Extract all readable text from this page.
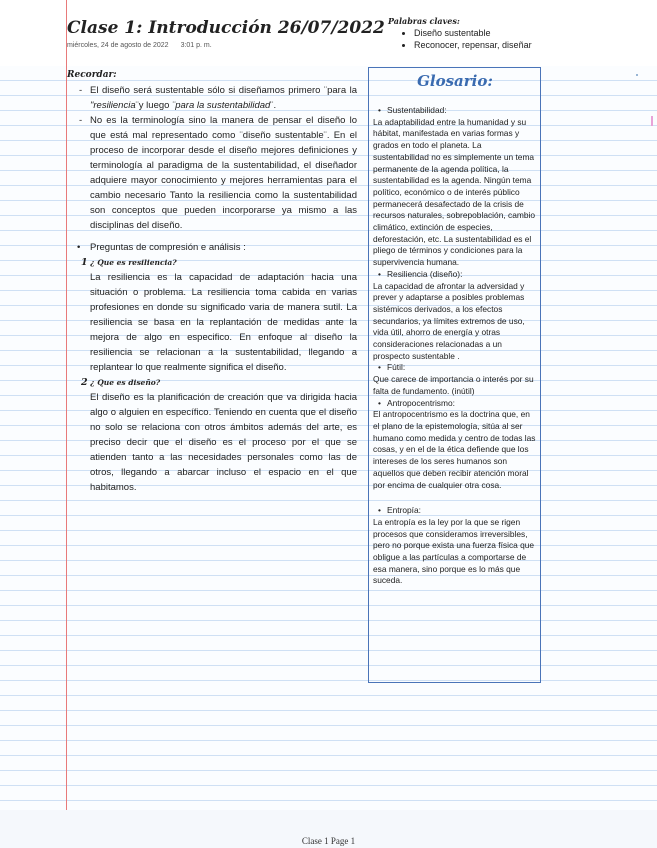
Clase 1: Introducción 26/07/2022
miércoles, 24 de agosto de 2022 3:01 p. m.
Palabras claves:
• Diseño sustentable
• Reconocer, repensar, diseñar
Recordar:
- El diseño será sustentable sólo si diseñamos primero ¨para la "resiliencia¨y luego ¨para la sustentabilidad¨.
- No es la terminología sino la manera de pensar el diseño lo que está mal representado como ¨diseño sustentable¨. En el proceso de incorporar desde el diseño mejores definiciones y terminología al paradigma de la sustentabilidad, el diseñador adquiere mayor conocimiento y mejores herramientas para el cambio necesario Tanto la resiliencia como la sustentabilidad son conceptos que pueden incorporarse ya mismo a las disciplinas del diseño.
• Preguntas de compresión e análisis :
1 ¿ Que es resiliencia?
La resiliencia es la capacidad de adaptación hacia una situación o problema. La resiliencia toma cabida en varias profesiones en donde su significado varia de manera sutil. La resiliencia se basa en la replantación de medidas ante la mejora de algo en especifico. En enfoque al diseño la resiliencia se relacionan a la sustentabilidad, llegando a replantear lo que realmente significa el diseño.
2 ¿ Que es diseño?
El diseño es la planificación de creación que va dirigida hacia algo o alguien en específico. Teniendo en cuenta que el diseño no solo se relaciona con otros ámbitos además del arte, es preciso decir que el diseño es el proceso por el que se atienden tanto a las necesidades personales como las de otros, llegando a abarcar incluso el espacio en el que habitamos.
Glosario:
• Sustentabilidad:

La adaptabilidad entre la humanidad y su hábitat, manifestada en varias formas y grados en todo el planeta. La sustentabilidad no es simplemente un tema permanente de la agenda política, la sustentabilidad es la agenda. Ningún tema político, económico o de interés público permanecerá desafectado de la crisis de recursos naturales, sobrepoblación, cambio climático, extinción de especies, deforestación, etc. La sustentabilidad es el pliego de términos y condiciones para la supervivencia humana.

• Resiliencia (diseño):

La capacidad de afrontar la adversidad y prever y adaptarse a posibles problemas sistémicos derivados, a los efectos secundarios, ya límites extremos de uso, vida útil, ahorro de energía y otras consideraciones relacionadas a un prospecto sustentable .

• Fútil:

Que carece de importancia o interés por su falta de fundamento. (inútil)

• Antropocentrismo:

El antropocentrismo es la doctrina que, en el plano de la epistemología, sitúa al ser humano como medida y centro de todas las cosas, y en el de la ética defiende que los intereses de los seres humanos son aquellos que deben recibir atención moral por encima de cualquier otra cosa.

• Entropía:

La entropía es la ley por la que se rigen procesos que consideramos irreversibles, pero no porque exista una fuerza física que obligue a las partículas a comportarse de esa manera, sino porque es lo más que suceda.

Clase 1 Page 1
